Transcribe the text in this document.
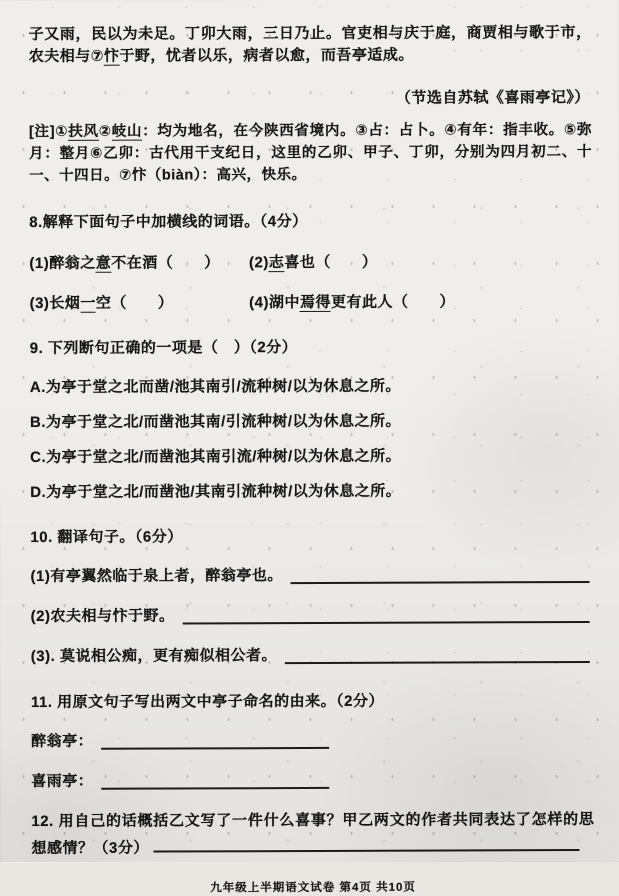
子又雨，民以为未足。丁卯大雨，三日乃止。官吏相与庆于庭，商贾相与歌于市，农夫相与⑦忭于野，忧者以乐，病者以愈，而吾亭适成。

（节选自苏轼《喜雨亭记》）

[注]①扶风②岐山：均为地名，在今陕西省境内。③占：占卜。④有年：指丰收。⑤弥月：整月⑥乙卯：古代用干支纪日，这里的乙卯、甲子、丁卯，分别为四月初二、十一、十四日。⑦忭（biàn）：高兴，快乐。

8.解释下面句子中加横线的词语。（4分）
(1)醉翁之意不在酒（　　）	(2)志喜也（　　）
(3)长烟一空（　　）	(4)湖中焉得更有此人（　　）
9. 下列断句正确的一项是（　）（2分）
A.为亭于堂之北而凿/池其南引/流种树/以为休息之所。
B.为亭于堂之北/而凿池其南/引流种树/以为休息之所。
C.为亭于堂之北/而凿池其南引流/种树/以为休息之所。
D.为亭于堂之北/而凿池/其南引流种树/以为休息之所。
10. 翻译句子。（6分）
(1)有亭翼然临于泉上者，醉翁亭也。
(2)农夫相与忭于野。
(3). 莫说相公痴，更有痴似相公者。
11. 用原文句子写出两文中亭子命名的由来。（2分）
醉翁亭：
喜雨亭：

12. 用自己的话概括乙文写了一件什么喜事？甲乙两文的作者共同表达了怎样的思想感情？（3分）

九年级上半期语文试卷 第4页 共10页
